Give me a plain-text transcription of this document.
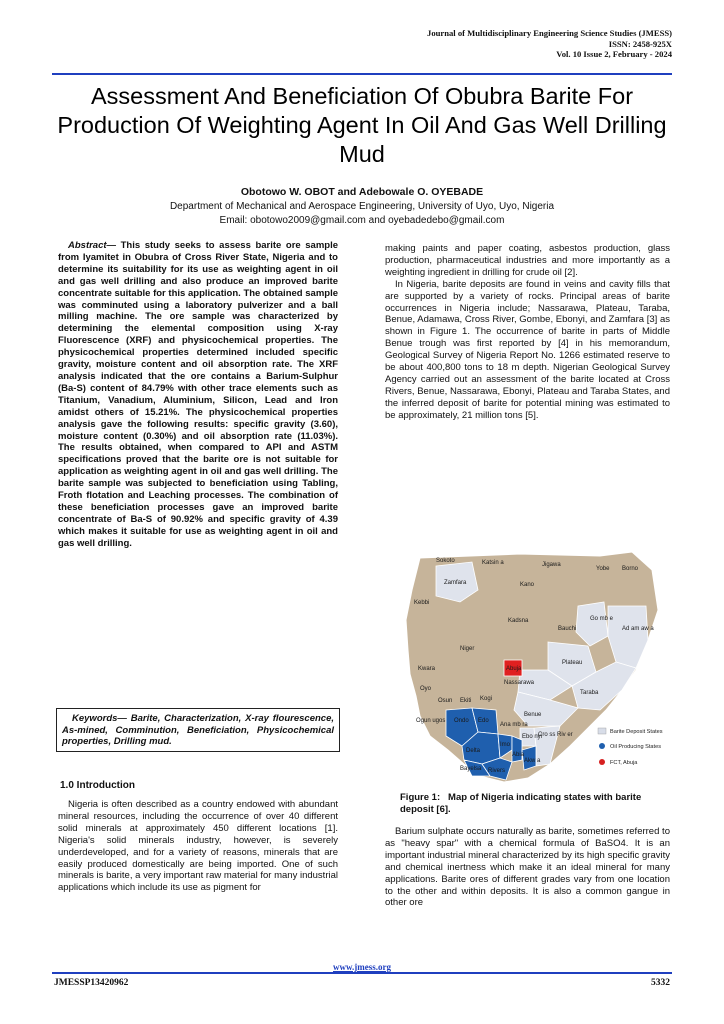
Journal of Multidisciplinary Engineering Science Studies (JMESS)
ISSN: 2458-925X
Vol. 10 Issue 2, February - 2024
Assessment And Beneficiation Of Obubra Barite For Production Of Weighting Agent In Oil And Gas Well Drilling Mud
Obotowo W. OBOT and Adebowale O. OYEBADE
Department of Mechanical and Aerospace Engineering, University of Uyo, Uyo, Nigeria
Email: obotowo2009@gmail.com and oyebadedebo@gmail.com
Abstract— This study seeks to assess barite ore sample from Iyamitet in Obubra of Cross River State, Nigeria and to determine its suitability for its use as weighting agent in oil and gas well drilling and also produce an improved barite concentrate suitable for this application. The obtained sample was comminuted using a laboratory pulverizer and a ball milling machine. The ore sample was characterized by determining the elemental composition using X-ray Fluorescence (XRF) and physicochemical properties. The physicochemical properties determined included specific gravity, moisture content and oil absorption rate. The XRF analysis indicated that the ore contains a Barium-Sulphur (Ba-S) content of 84.79% with other trace elements such as Titanium, Vanadium, Aluminium, Silicon, Lead and Iron amidst others of 15.21%. The physicochemical properties analysis gave the following results: specific gravity (3.60), moisture content (0.30%) and oil absorption rate (11.03%). The results obtained, when compared to API and ASTM specifications proved that the barite ore is not suitable for application as weighting agent in oil and gas well drilling. The barite sample was subjected to beneficiation using Tabling, Froth flotation and Leaching processes. The combination of these beneficiation processes gave an improved barite concentrate of Ba-S of 90.92% and specific gravity of 4.39 which makes it suitable for use as weighting agent in oil and gas well drilling.

Keywords— Barite, Characterization, X-ray flourescence, As-mined, Comminution, Beneficiation, Physicochemical properties, Drilling mud.

1.0 Introduction

Nigeria is often described as a country endowed with abundant mineral resources, including the occurrence of over 40 different solid minerals at approximately 450 different locations [1]. Nigeria's solid minerals industry, however, is severely underdeveloped, and for a variety of reasons, minerals that are easily produced domestically are being imported. One of such minerals is barite, a very important raw material for many industrial applications which include its use as pigment for

making paints and paper coating, asbestos production, glass production, pharmaceutical industries and more importantly as a weighting ingredient in drilling for crude oil [2].

In Nigeria, barite deposits are found in veins and cavity fills that are supported by a variety of rocks. Principal areas of barite occurrences in Nigeria include; Nassarawa, Plateau, Taraba, Benue, Adamawa, Cross River, Gombe, Ebonyi, and Zamfara [3] as shown in Figure 1. The occurrence of barite in parts of Middle Benue trough was first reported by [4] in his memorandum, Geological Survey of Nigeria Report No. 1266 estimated reserve to be about 400,800 tons to 18 m depth. Nigerian Geological Survey Agency carried out an assessment of the barite located at Cross Rivers, Benue, Nassarawa, Ebonyi, Plateau and Taraba States, and the inferred deposit of barite for potential mining was estimated to be approximately, 21 million tons [5].

Sokoto	Katsin a	Jigawa
Yobe Borno
Zamfara	Kano
Kebbi
Go mb e
Kadsna
Bauchi	Ad am aw a
Niger
Kwara	Abuja
Plateau
Nassarawa
Oyo
Osun Ekiti Kogi
Taraba
Benue
Ogun ugos Ondo Edo
Ana mb ra
Ebo nyi
Cro ss Riv er
Delta
Imo
Abia
Akw a
Rivers
Bayelsa
Barite Deposit States
Oil Producing States
FCT, Abuja
Figure 1: Map of Nigeria indicating states with barite deposit [6].

Barium sulphate occurs naturally as barite, sometimes referred to as "heavy spar" with a chemical formula of BaSO4. It is an important industrial mineral characterized by its high specific gravity and chemical inertness which make it an ideal mineral for many applications. Barite ores of different grades vary from one location to the other and within deposits. It is also a common gangue in other ore

www.jmess.org
JMESSP13420962	5332
